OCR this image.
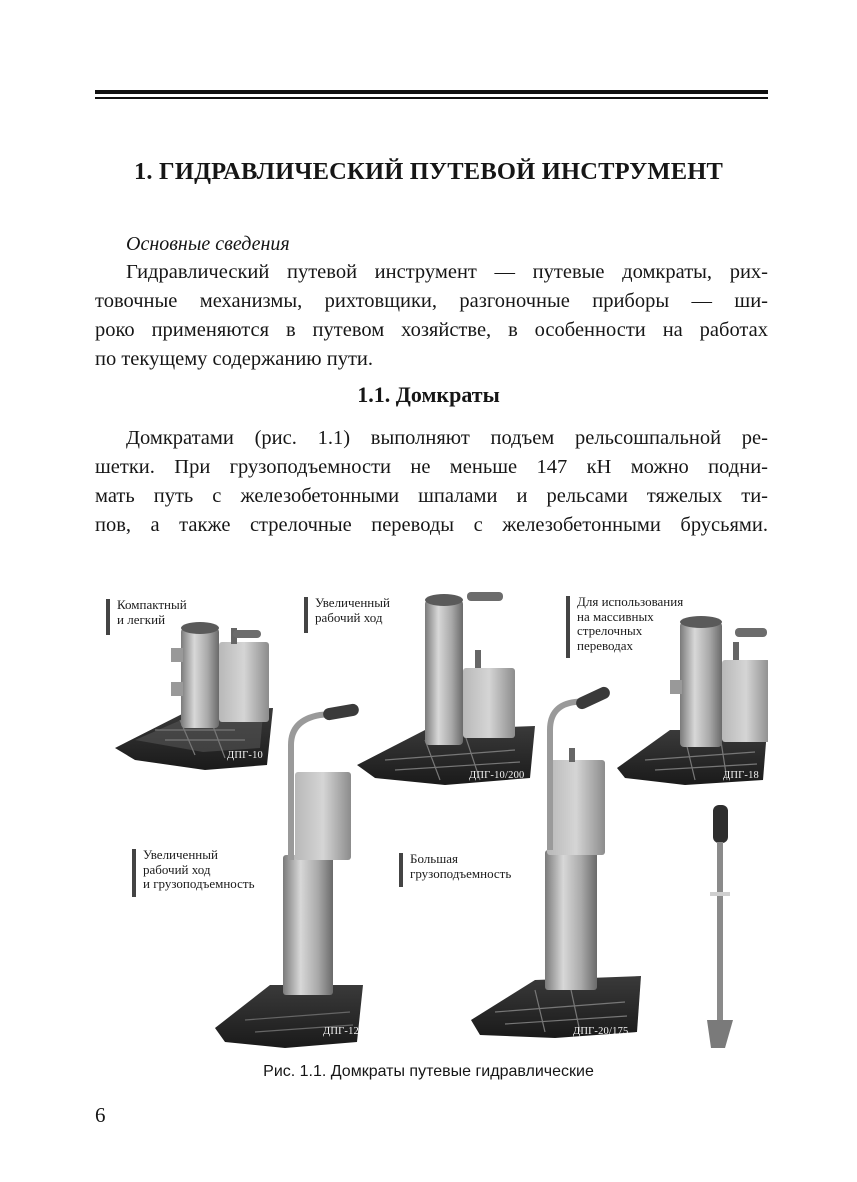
1. ГИДРАВЛИЧЕСКИЙ ПУТЕВОЙ ИНСТРУМЕНТ

Основные сведения

Гидравлический путевой инструмент — путевые домкраты, рих-
товочные механизмы, рихтовщики, разгоночные приборы — ши-
роко применяются в путевом хозяйстве, в особенности на работах
по текущему содержанию пути.

1.1. Домкраты

Домкратами (рис. 1.1) выполняют подъем рельсошпальной ре-
шетки. При грузоподъемности не меньше 147 кН можно подни-
мать путь с железобетонными шпалами и рельсами тяжелых ти-
пов, а также стрелочные переводы с железобетонными брусьями.

Компактный
и легкий
Увеличенный
рабочий ход
Для использования
на массивных
стрелочных
переводах
Увеличенный
рабочий ход
и грузоподъемность
Большая
грузоподъемность
ДПГ-10
ДПГ-10/200	ДПГ-18
ДПГ-12	ДПГ-20/175

Рис. 1.1. Домкраты путевые гидравлические

6
